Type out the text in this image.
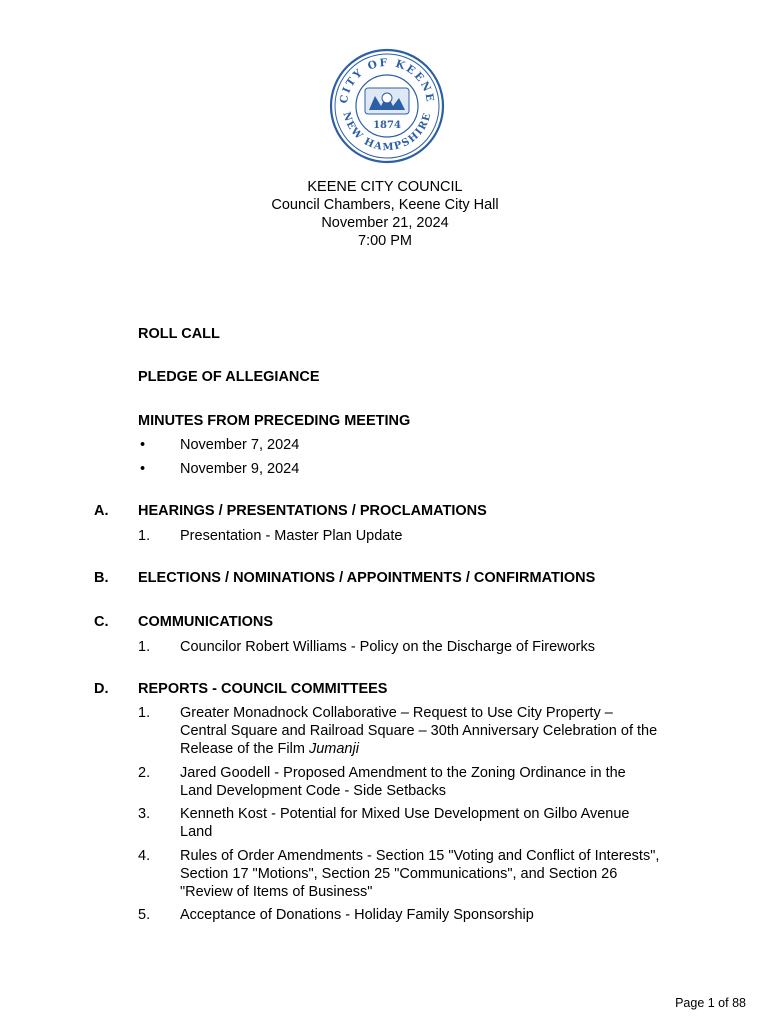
CITY OF KEENE
NEW HAMPSHIRE
1874
KEENE CITY COUNCIL
Council Chambers, Keene City Hall
November 21, 2024
7:00 PM
ROLL CALL
PLEDGE OF ALLEGIANCE
MINUTES FROM PRECEDING MEETING
• November 7, 2024
• November 9, 2024
A. HEARINGS / PRESENTATIONS / PROCLAMATIONS
1. Presentation - Master Plan Update
B. ELECTIONS / NOMINATIONS / APPOINTMENTS / CONFIRMATIONS
C. COMMUNICATIONS
1. Councilor Robert Williams - Policy on the Discharge of Fireworks
D. REPORTS - COUNCIL COMMITTEES
1. Greater Monadnock Collaborative – Request to Use City Property – Central Square and Railroad Square – 30th Anniversary Celebration of the Release of the Film Jumanji
2. Jared Goodell - Proposed Amendment to the Zoning Ordinance in the Land Development Code - Side Setbacks
3. Kenneth Kost - Potential for Mixed Use Development on Gilbo Avenue Land
4. Rules of Order Amendments - Section 15 "Voting and Conflict of Interests", Section 17 "Motions", Section 25 "Communications", and Section 26 "Review of Items of Business"
5. Acceptance of Donations - Holiday Family Sponsorship
Page 1 of 88
